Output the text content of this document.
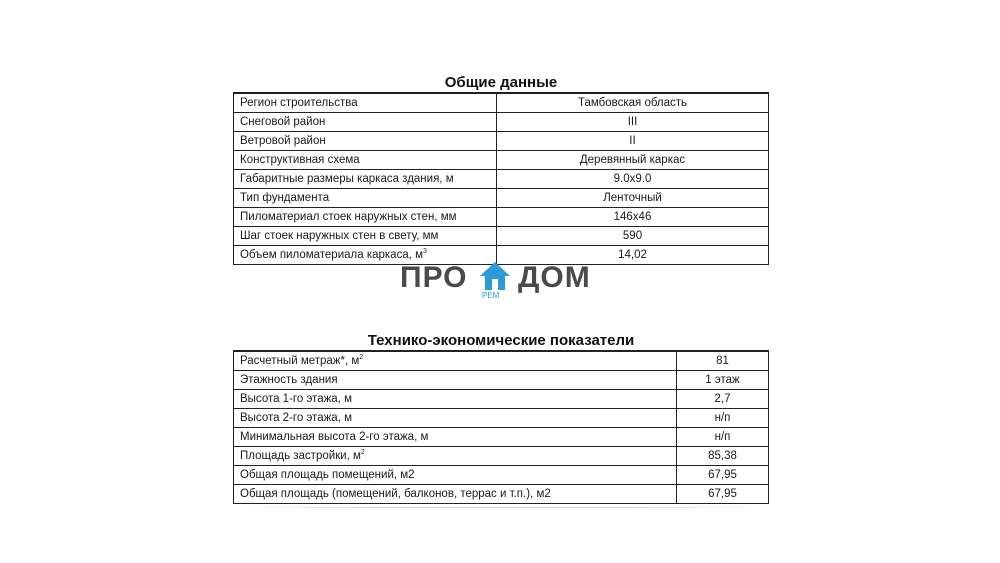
Общие данные
Регион строительства	Тамбовская область
Снеговой район	III
Ветровой район	II
Конструктивная схема	Деревянный каркас
Габаритные размеры каркаса здания, м	9.0х9.0
Тип фундамента	Ленточный
Пиломатериал стоек наружных стен, мм	146х46
Шаг стоек наружных стен в свету, мм	590
Объем пиломатериала каркаса, $м^3$	14,02
ПРО
РЕМ
ДОМ
Технико-экономические показатели
Расчетный метраж*, $м^2$	81
Этажность здания	1 этаж
Высота 1-го этажа, м	2,7
Высота 2-го этажа, м	н/п
Минимальная высота 2-го этажа, м	н/п
Площадь застройки, $м^2$	85,38
Общая площадь помещений, м2	67,95
Общая площадь (помещений, балконов, террас и т.п.), м2	67,95
